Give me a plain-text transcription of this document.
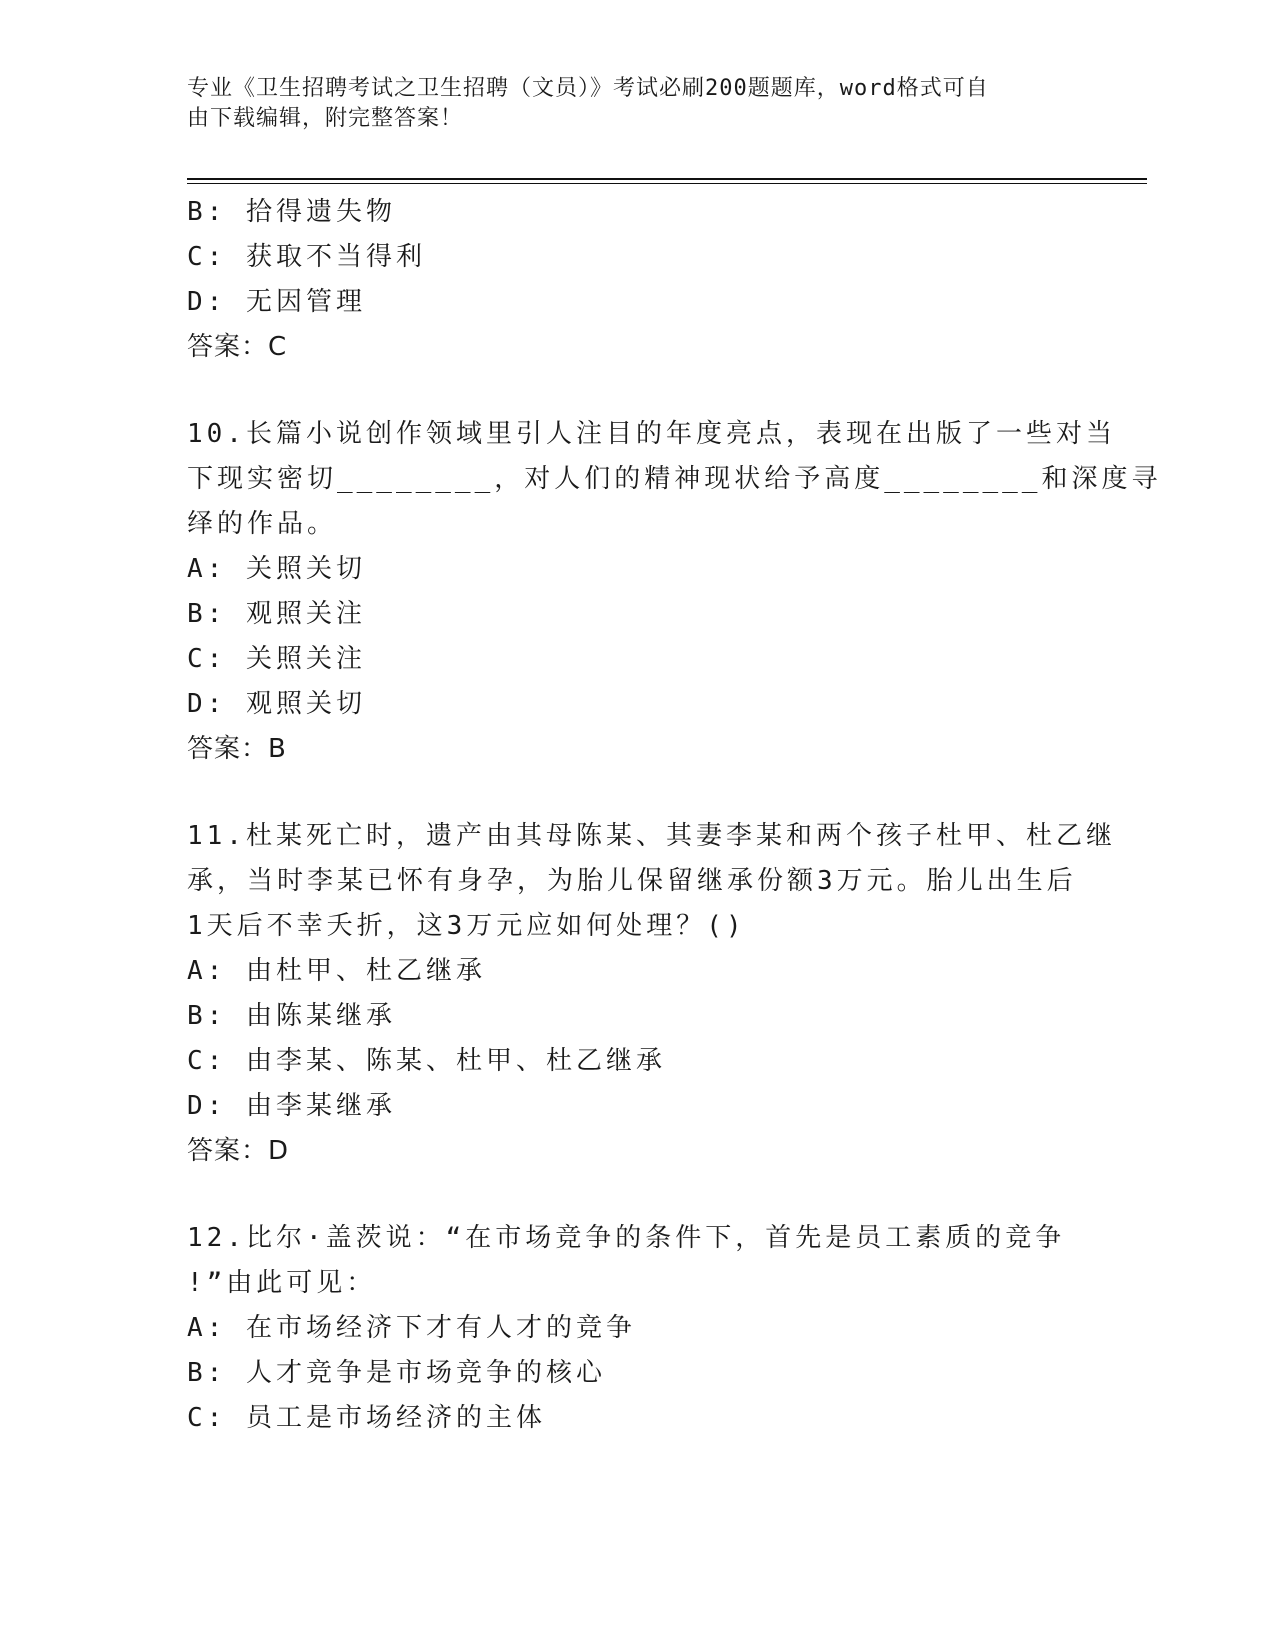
专业《卫生招聘考试之卫生招聘（文员）》考试必刷200题题库，word格式可自
由下载编辑，附完整答案！
B: 拾得遗失物
C: 获取不当得利
D: 无因管理
答案：C
10.长篇小说创作领域里引人注目的年度亮点，表现在出版了一些对当
下现实密切________，对人们的精神现状给予高度________和深度寻
绎的作品。
A: 关照关切
B: 观照关注
C: 关照关注
D: 观照关切
答案：B
11.杜某死亡时，遗产由其母陈某、其妻李某和两个孩子杜甲、杜乙继
承，当时李某已怀有身孕，为胎儿保留继承份额3万元。胎儿出生后
1天后不幸夭折，这3万元应如何处理？()
A: 由杜甲、杜乙继承
B: 由陈某继承
C: 由李某、陈某、杜甲、杜乙继承
D: 由李某继承
答案：D
12.比尔·盖茨说：“在市场竞争的条件下，首先是员工素质的竞争
!”由此可见：
A: 在市场经济下才有人才的竞争
B: 人才竞争是市场竞争的核心
C: 员工是市场经济的主体
